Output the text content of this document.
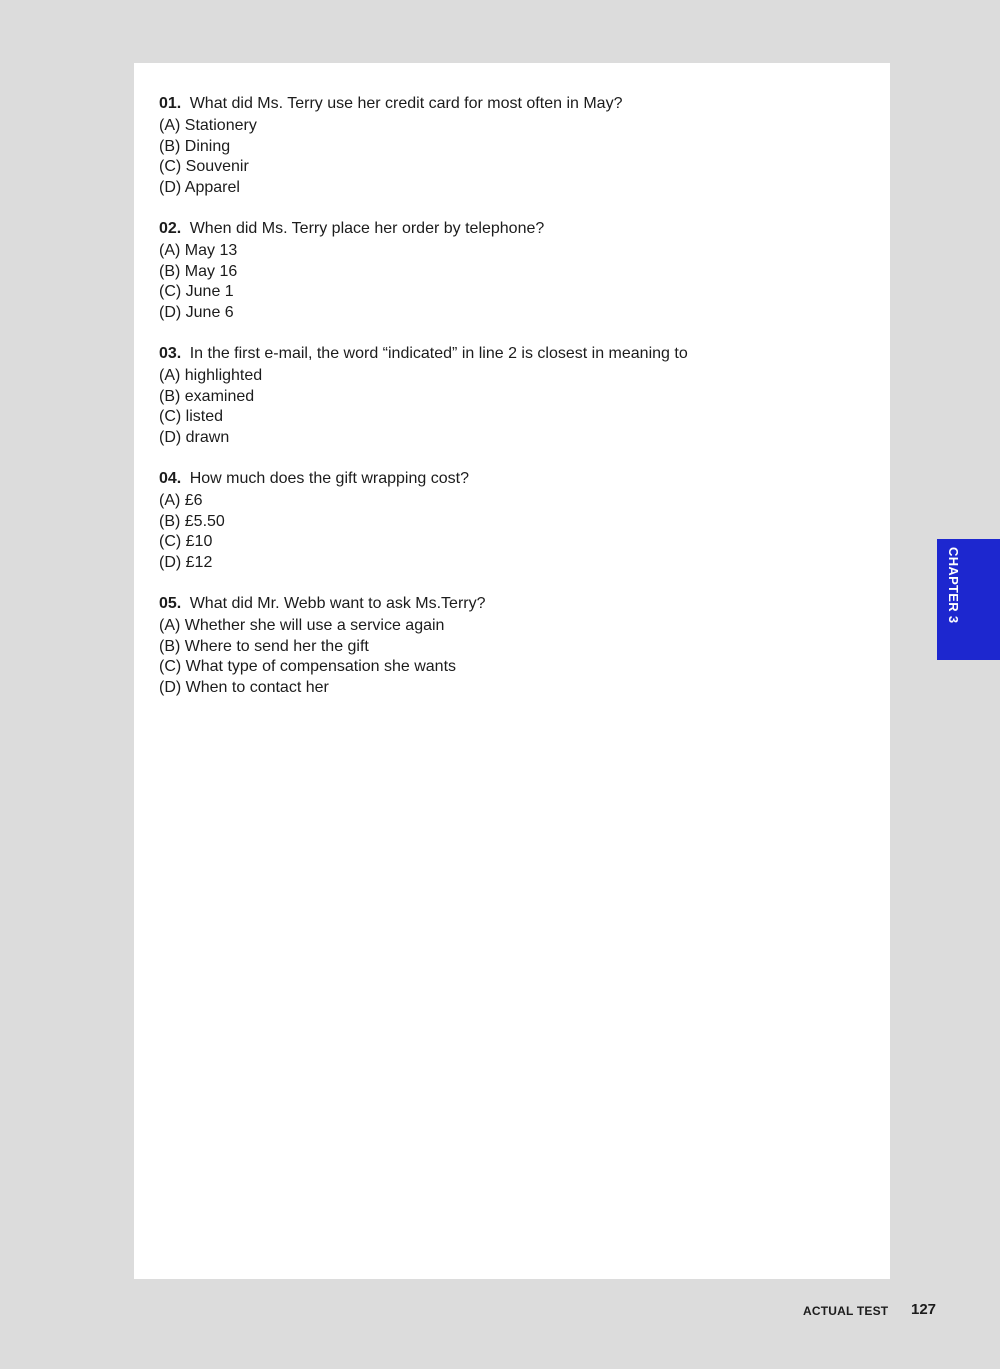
01. What did Ms. Terry use her credit card for most often in May?
(A) Stationery
(B) Dining
(C) Souvenir
(D) Apparel
02. When did Ms. Terry place her order by telephone?
(A) May 13
(B) May 16
(C) June 1
(D) June 6
03. In the first e-mail, the word “indicated” in line 2 is closest in meaning to
(A) highlighted
(B) examined
(C) listed
(D) drawn
04. How much does the gift wrapping cost?
(A) £6
(B) £5.50
(C) £10
(D) £12
05. What did Mr. Webb want to ask Ms.Terry?
(A) Whether she will use a service again
(B) Where to send her the gift
(C) What type of compensation she wants
(D) When to contact her
CHAPTER 3
ACTUAL TEST 127
